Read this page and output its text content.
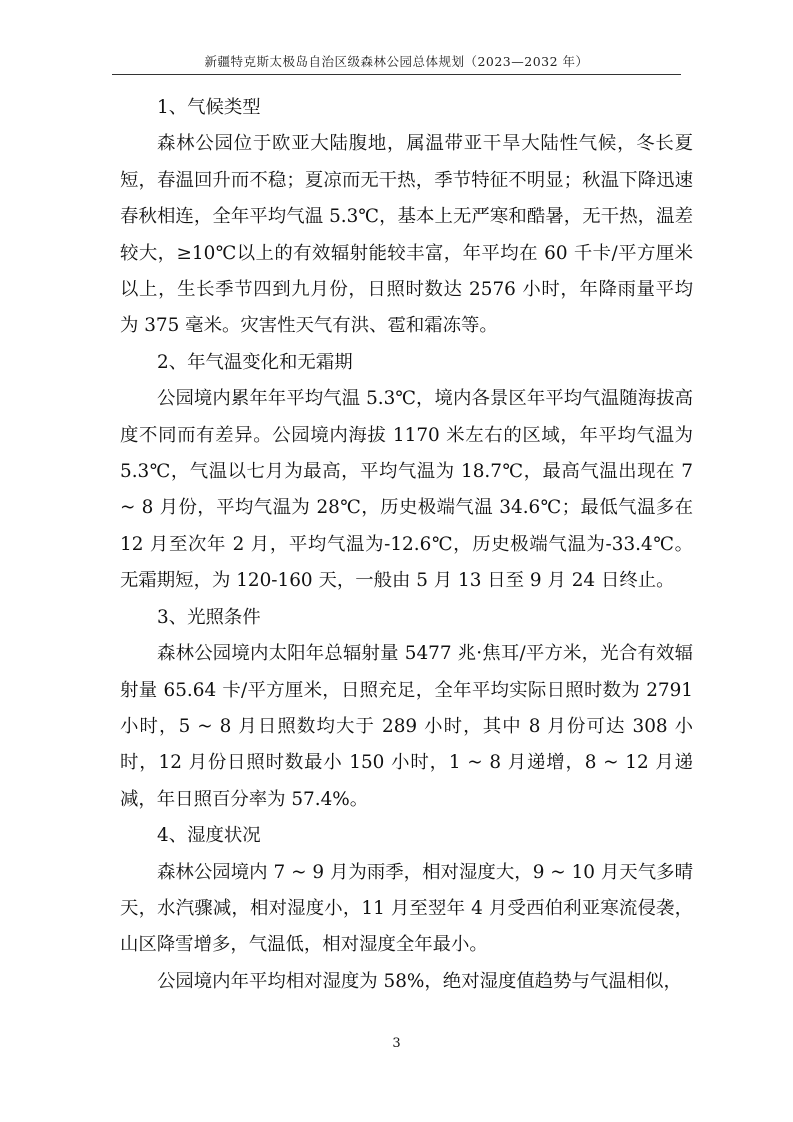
新疆特克斯太极岛自治区级森林公园总体规划（2023—2032 年）

1、气候类型

森林公园位于欧亚大陆腹地，属温带亚干旱大陆性气候，冬长夏短，春温回升而不稳；夏凉而无干热，季节特征不明显；秋温下降迅速春秋相连，全年平均气温 5.3℃，基本上无严寒和酷暑，无干热，温差较大，≥10℃以上的有效辐射能较丰富，年平均在 60 千卡/平方厘米以上，生长季节四到九月份，日照时数达 2576 小时，年降雨量平均为 375 毫米。灾害性天气有洪、雹和霜冻等。

2、年气温变化和无霜期

公园境内累年年平均气温 5.3℃，境内各景区年平均气温随海拔高度不同而有差异。公园境内海拔 1170 米左右的区域，年平均气温为 5.3℃，气温以七月为最高，平均气温为 18.7℃，最高气温出现在 7 ~ 8 月份，平均气温为 28℃，历史极端气温 34.6℃；最低气温多在 12 月至次年 2 月，平均气温为-12.6℃，历史极端气温为-33.4℃。无霜期短，为 120-160 天，一般由 5 月 13 日至 9 月 24 日终止。

3、光照条件

森林公园境内太阳年总辐射量 5477 兆·焦耳/平方米，光合有效辐射量 65.64 卡/平方厘米，日照充足，全年平均实际日照时数为 2791 小时，5 ~ 8 月日照数均大于 289 小时，其中 8 月份可达 308 小时，12 月份日照时数最小 150 小时，1 ~ 8 月递增，8 ~ 12 月递减，年日照百分率为 57.4%。

4、湿度状况

森林公园境内 7 ~ 9 月为雨季，相对湿度大，9 ~ 10 月天气多晴天，水汽骤减，相对湿度小，11 月至翌年 4 月受西伯利亚寒流侵袭，山区降雪增多，气温低，相对湿度全年最小。

公园境内年平均相对湿度为 58%，绝对湿度值趋势与气温相似，

3
